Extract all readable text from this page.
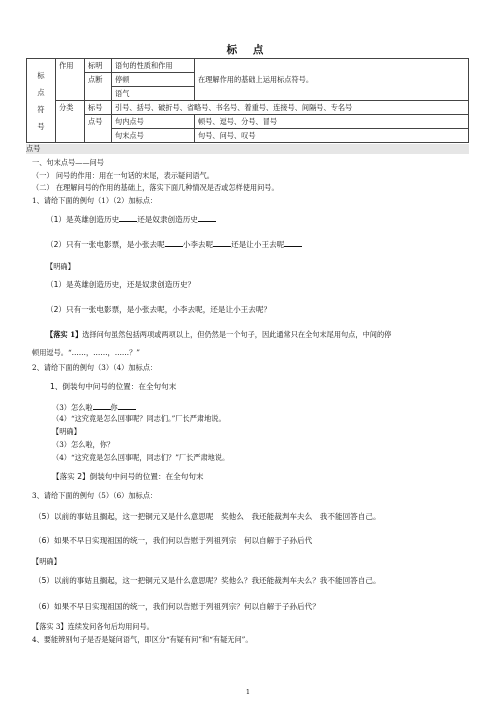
标 点
标
点
符
号	作用	标明	语句的性质和作用	在理解作用的基础上运用标点符号。
		点断	停顿	
			语气	
	分类	标号	引号、括号、破折号、省略号、书名号、着重号、连接号、间隔号、专名号	
		点号	句内点号	顿号、逗号、分号、冒号
			句末点号	句号、问号、叹号
点号
一、句末点号——问号
（一） 问号的作用：用在一句话的末尾，表示疑问语气。
（二） 在理解问号的作用的基础上，落实下面几种情况是否或怎样使用问号。
1、请给下面的例句（1）（2）加标点：
（1）是英雄创造历史 还是奴隶创造历史
（2）只有一张电影票，是小张去呢 小李去呢 还是让小王去呢
【明确】
（1）是英雄创造历史，还是奴隶创造历史？
（2）只有一张电影票，是小张去呢，小李去呢，还是让小王去呢？
【落实 1】选择问句虽然包括两项或两项以上，但仍然是一个句子，因此通常只在全句末尾用句点，中间的停
顿用逗号。“……，……，……？”
2、请给下面的例句（3）（4）加标点：
1、倒装句中问号的位置：在全句句末
（3）怎么啦	你
（4）“这究竟是怎么回事呢？同志们。”厂长严肃地说。
【明确】
（3）怎么啦，你？
（4）“这究竟是怎么回事呢，同志们？”厂长严肃地说。
【落实 2】倒装句中问号的位置：在全句句末
3、请给下面的例句（5）（6）加标点：
（5）以前的事姑且搁起，这一把铜元又是什么意思呢　奖他么　我还能裁判车夫么　我不能回答自己。
（6）如果不早日实现祖国的统一，我们何以告慰于列祖列宗　何以自解于子孙后代
【明确】
（5）以前的事姑且搁起，这一把铜元又是什么意思呢？奖他么？我还能裁判车夫么？我不能回答自己。
（6）如果不早日实现祖国的统一，我们何以告慰于列祖列宗？何以自解于子孙后代？
【落实 3】连续发问各句后均用问号。
4、要能辨别句子是否是疑问语气，即区分“有疑有问”和“有疑无问”。
1
